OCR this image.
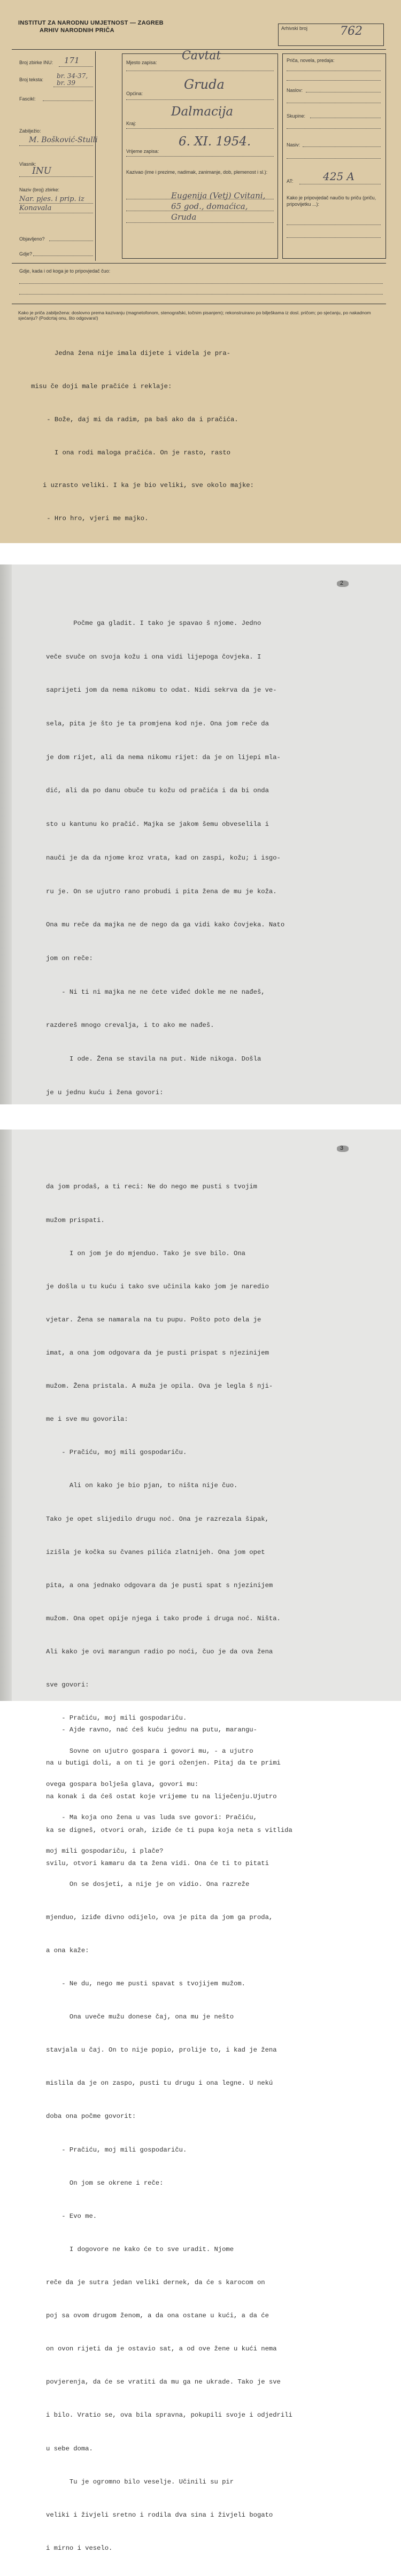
INSTITUT ZA NARODNU UMJETNOST — ZAGREB
ARHIV NARODNIH PRIČA	Arhivski broj	762
Broj zbirke INU: 171
Broj teksta: br. 34-37, br. 39
Fascikl:
Zabilježio:
M. Bošković-Stulli
Vlasnik:
INU
Naziv (broj) zbirke:
Nar. pjes. i prip. iz Konavala
Objavljeno?
Gdje?
Mjesto zapisa: Cavtat
Općina:
Gruda
Kraj:
Dalmacija
Vrijeme zapisa:
6. XI. 1954.
Kazivao (ime i prezime, nadimak, zanimanje, dob, plemenost i sl.):
Eugenija (Vetj) Cvitani, 65 god., domaćica, Gruda
Priča, novela, predaja:
Naslov:
Skupine:
Nasiv:
AT:	425 A
Kako je pripovjedač naučio tu priču (priču, pripovijetku ...):
Gdje, kada i od koga je to pripovjedač čuo:
Kako je priča zabilježena: doslovno prema kazivanju (magnetofonom, stenografski, točnim pisanjem); rekonstruirano po bilješkama iz dosl. pričom; po sjećanju, po nakadnom sjećanju? (Podcrtaj onu, što odgovara!)

Jedna žena nije imala dijete i videla je pra-

misu če doji male pračiće i reklaje:

- Bože, daj mi da radim, pa baš ako da i pračića.

I ona rodi maloga pračića. On je rasto, rasto

i uzrasto veliki. I ka je bio veliki, sve okolo majke:

- Hro hro, vjeri me majko.

2

Počme ga gladit. I tako je spavao š njome. Jedno

veče svuče on svoja kožu i ona vidi lijepoga čovjeka. I

saprijeti jom da nema nikomu to odat. Nidi sekrva da je ve-

sela, pita je što je ta promjena kod nje. Ona jom reče da

je dom rijet, ali da nema nikomu rijet: da je on lijepi mla-

dić, ali da po danu obuče tu kožu od pračića i da bi onda

sto u kantunu ko pračić. Majka se jakom šemu obveselila i

nauči je da da njome kroz vrata, kad on zaspi, kožu; i isgo-

ru je. On se ujutro rano probudi i pita žena de mu je koža.

Ona mu reče da majka ne de nego da ga vidi kako čovjeka. Nato

jom on reče:

- Ni ti ni majka ne ne ćete viđeć dokle me ne nađeš,

razdereš mnogo crevalja, i to ako me nađeš.

I ode. Žena se stavila na put. Nide nikoga. Došla

je u jednu kuću i žena govori:

- Ajde ravno, nać ćeš kuću jednu na putu, marangu-

na u butigi doli, a on ti je gori oženjen. Pitaj da te primi

na konak i da ćeš ostat koje vrijeme tu na liječenju.Ujutro

ka se digneš, otvori orah, iziđe će ti pupa koja neta s vitlida

svilu, otvori kamaru da ta žena vidi. Ona će ti to pitati

3

da jom prodaš, a ti reci: Ne do nego me pusti s tvojim

mužom prispati.

I on jom je do mjenduo. Tako je sve bilo. Ona

je došla u tu kuću i tako sve učinila kako jom je naredio

vjetar. Žena se namarala na tu pupu. Pošto poto dela je

imat, a ona jom odgovara da je pusti prispat s njezinijem

mužom. Žena pristala. A muža je opila. Ova je legla š nji-

me i sve mu govorila:

- Pračiću, moj mili gospodariču.

Ali on kako je bio pjan, to ništa nije čuo.

Tako je opet slijedilo drugu noć. Ona je razrezala šipak,

izišla je kočka su čvanes pilića zlatnijeh. Ona jom opet

pita, a ona jednako odgovara da je pusti spat s njezinijem

mužom. Ona opet opije njega i tako prođe i druga noć. Ništa.

Ali kako je ovi marangun radio po noći, čuo je da ova žena

sve govori:

- Pračiću, moj mili gospodariču.

Sovne on ujutro gospara i govori mu, - a ujutro

ovega gospara bolješa glava, govori mu:

- Ma koja ono žena u vas luda sve govori: Pračiću,

moj mili gospodariču, i plače?

On se dosjeti, a nije je on vidio. Ona razreže

mjenduo, iziđe divno odijelo, ova je pita da jom ga proda,

a ona kaže:

- Ne du, nego me pusti spavat s tvojijem mužom.

Ona uveče mužu donese čaj, ona mu je nešto

stavjala u čaj. On to nije popio, prolije to, i kad je žena

mislila da je on zaspo, pusti tu drugu i ona legne. U nekú

doba ona počme govorit:

- Pračiću, moj mili gospodariču.

On jom se okrene i reče:

- Evo me.

I dogovore ne kako će to sve uradit. Njome

reče da je sutra jedan veliki dernek, da će s karocom on

poj sa ovom drugom ženom, a da ona ostane u kući, a da će

on ovon rijeti da je ostavio sat, a od ove žene u kući nema

povjerenja, da će se vratiti da mu ga ne ukrade. Tako je sve

i bilo. Vratio se, ova bila spravna, pokupili svoje i odjedrili

u sebe doma.

Tu je ogromno bilo veselje. Učinili su pir

veliki i živjeli sretno i rodila dva sina i živjeli bogato

i mirno i veselo.
